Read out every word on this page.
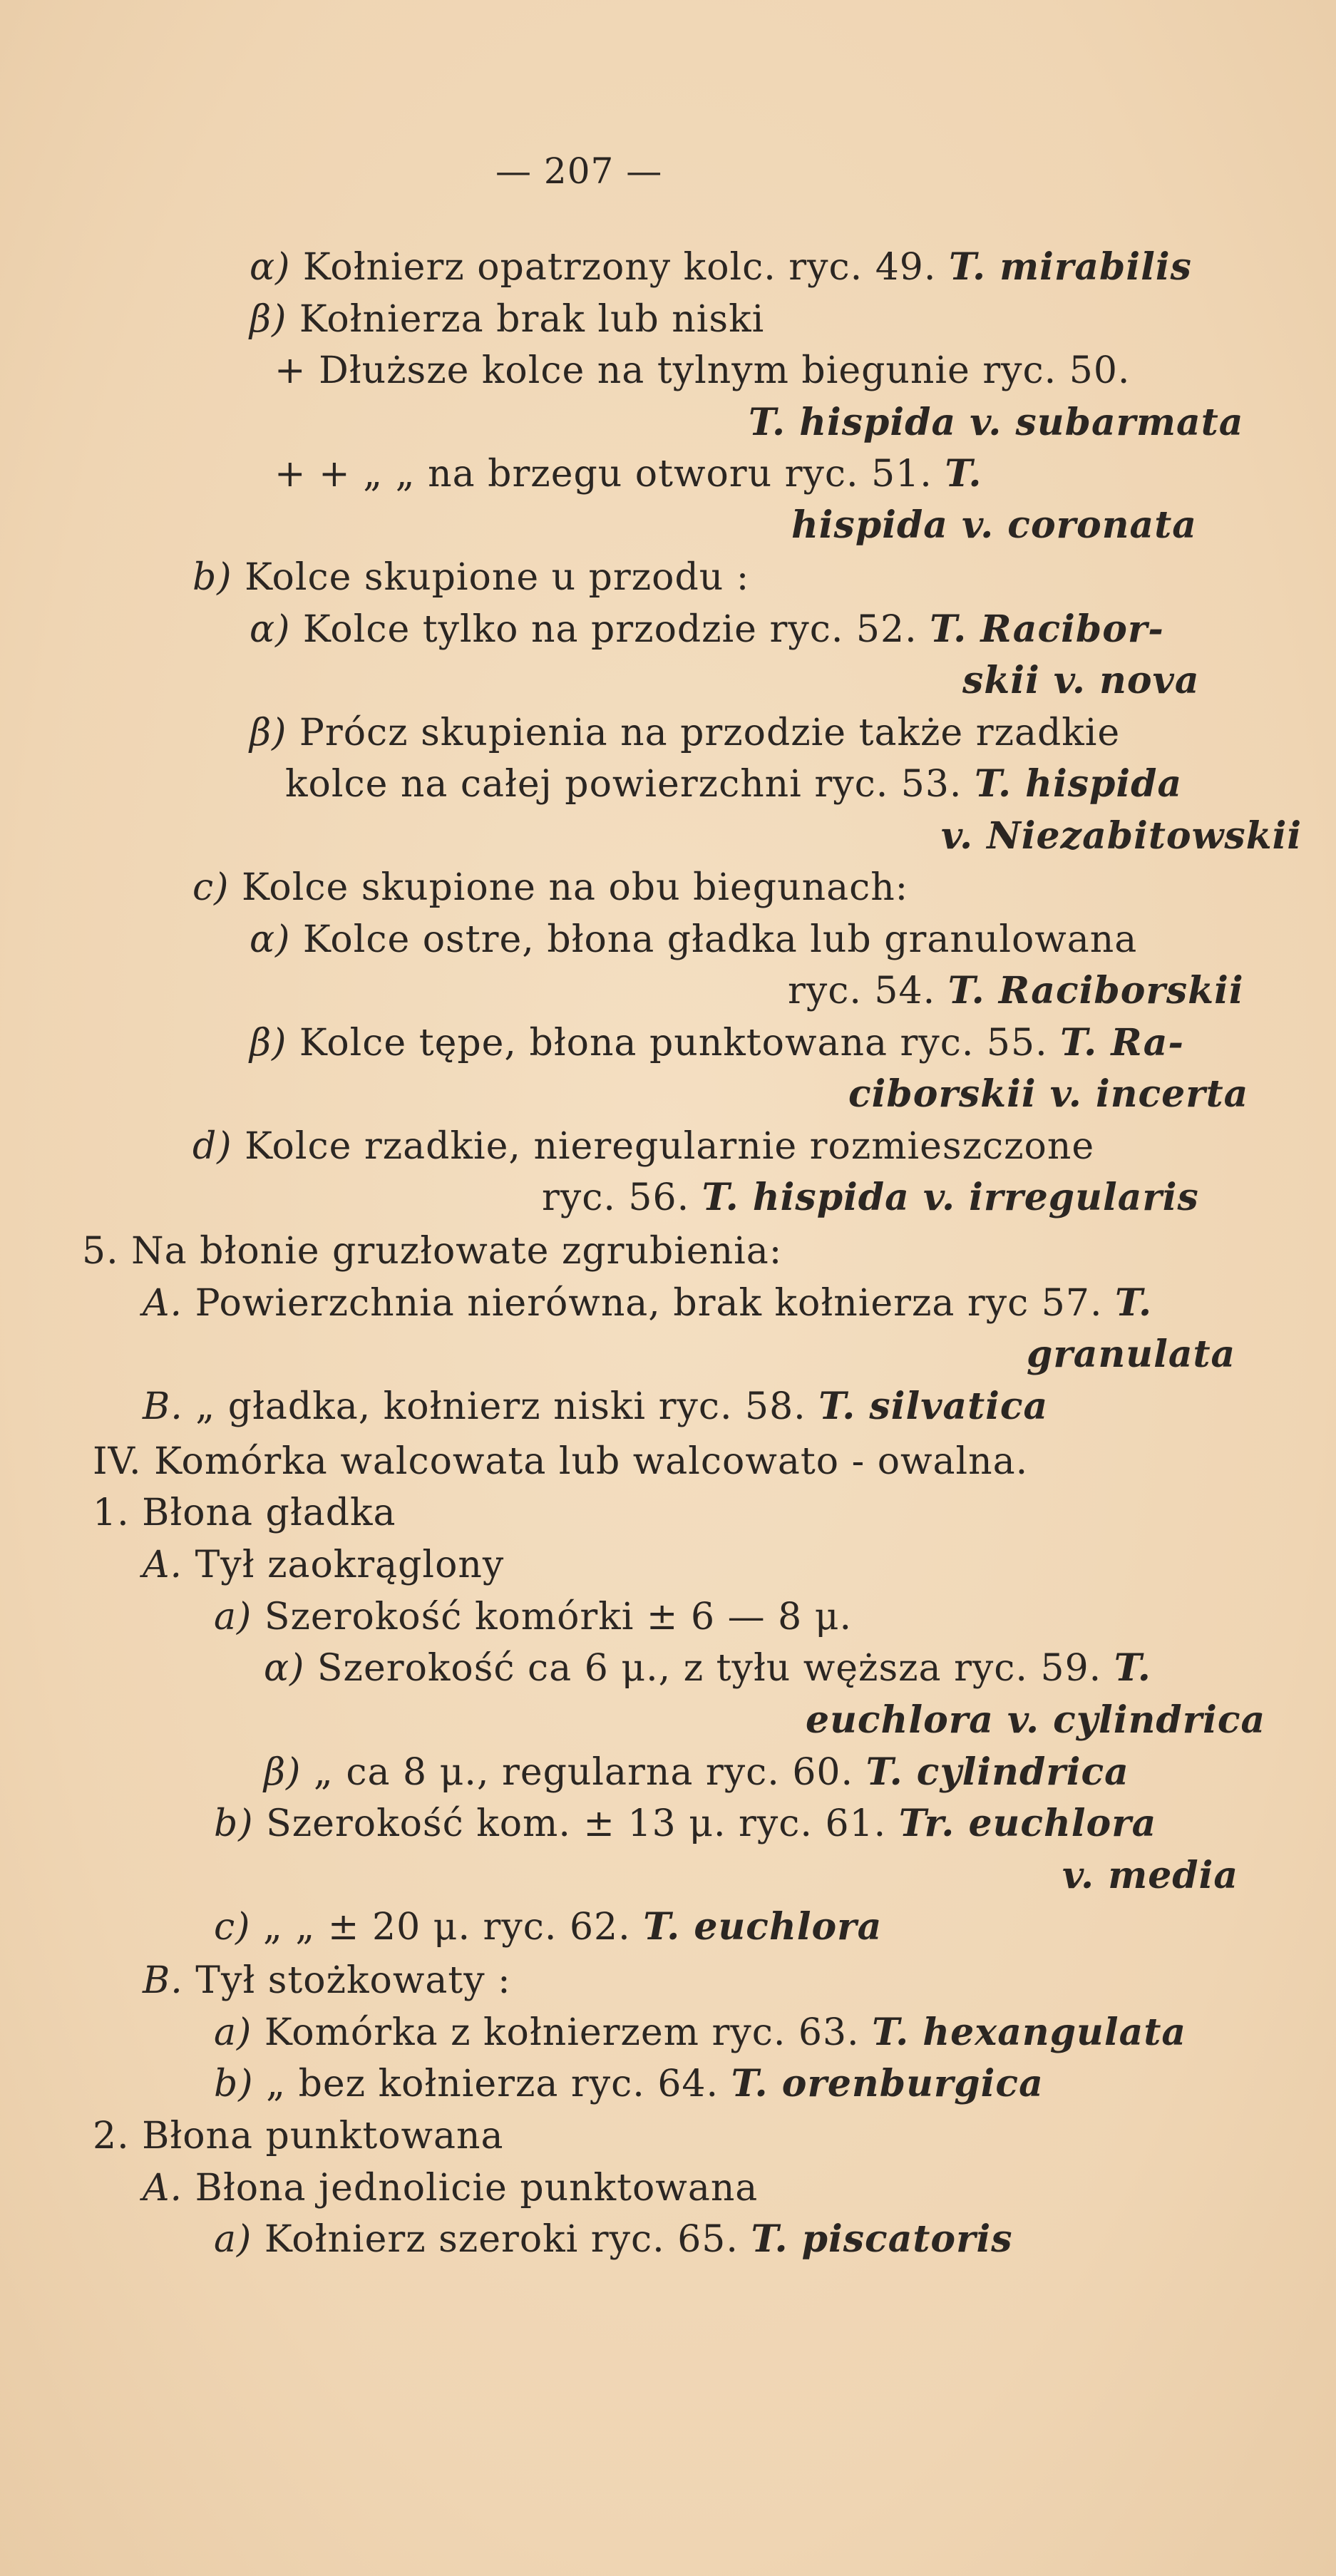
— 207 —
α) Kołnierz opatrzony kolc. ryc. 49. T. mirabilis
β) Kołnierza brak lub niski
+ Dłuższe kolce na tylnym biegunie ryc. 50.
T. hispida v. subarmata
+ + „ „ na brzegu otworu ryc. 51. T.
hispida v. coronata
b) Kolce skupione u przodu :
α) Kolce tylko na przodzie ryc. 52. T. Racibor-
skii v. nova
β) Prócz skupienia na przodzie także rzadkie
kolce na całej powierzchni ryc. 53. T. hispida
v. Niezabitowskii
c) Kolce skupione na obu biegunach:
α) Kolce ostre, błona gładka lub granulowana
ryc. 54. T. Raciborskii
β) Kolce tępe, błona punktowana ryc. 55. T. Ra-
ciborskii v. incerta
d) Kolce rzadkie, nieregularnie rozmieszczone
ryc. 56. T. hispida v. irregularis
5. Na błonie gruzłowate zgrubienia:
A. Powierzchnia nierówna, brak kołnierza ryc 57. T.
granulata
B. „ gładka, kołnierz niski ryc. 58. T. silvatica
IV. Komórka walcowata lub walcowato - owalna.
1. Błona gładka
A. Tył zaokrąglony
a) Szerokość komórki ± 6 — 8 μ.
α) Szerokość ca 6 μ., z tyłu węższa ryc. 59. T.
euchlora v. cylindrica
β) „ ca 8 μ., regularna ryc. 60. T. cylindrica
b) Szerokość kom. ± 13 μ. ryc. 61. Tr. euchlora
v. media
c) „ „ ± 20 μ. ryc. 62. T. euchlora
B. Tył stożkowaty :
a) Komórka z kołnierzem ryc. 63. T. hexangulata
b) „ bez kołnierza ryc. 64. T. orenburgica
2. Błona punktowana
A. Błona jednolicie punktowana
a) Kołnierz szeroki ryc. 65. T. piscatoris
